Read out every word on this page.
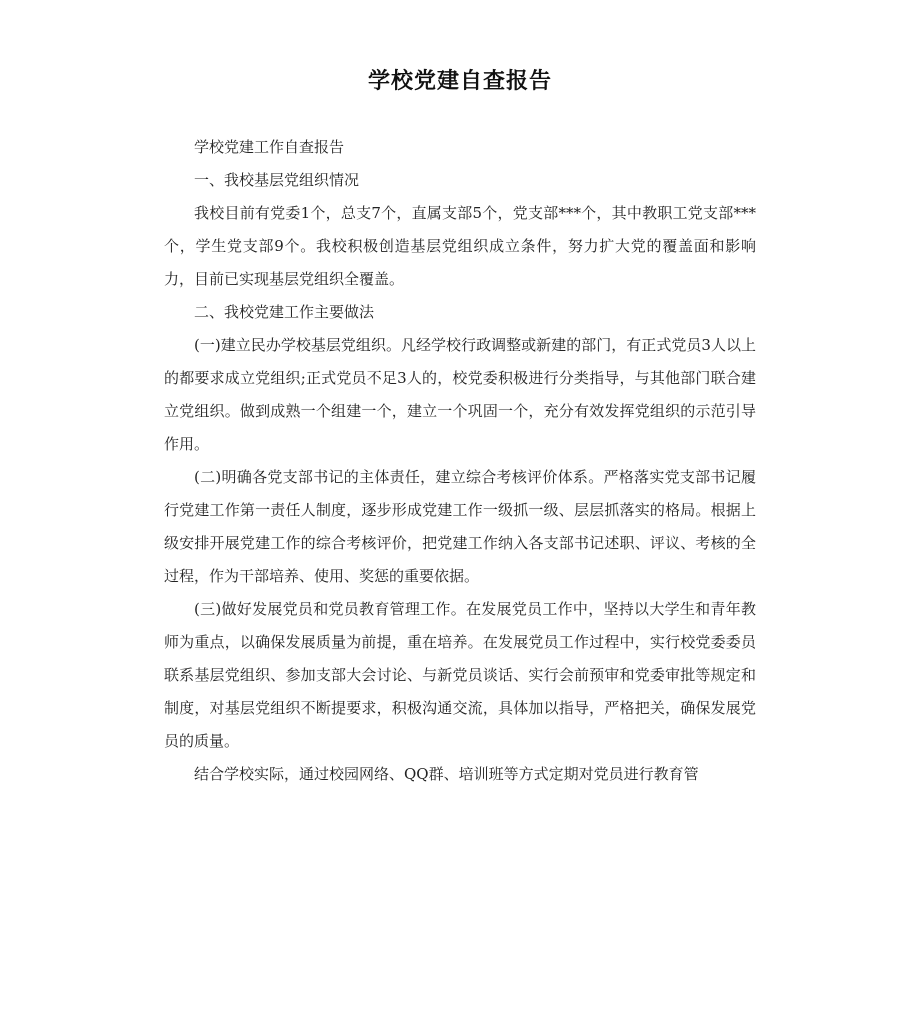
学校党建自查报告

学校党建工作自查报告

一、我校基层党组织情况

我校目前有党委1个，总支7个，直属支部5个，党支部***个，其中教职工党支部***个，学生党支部9个。我校积极创造基层党组织成立条件，努力扩大党的覆盖面和影响力，目前已实现基层党组织全覆盖。

二、我校党建工作主要做法

(一)建立民办学校基层党组织。凡经学校行政调整或新建的部门，有正式党员3人以上的都要求成立党组织;正式党员不足3人的，校党委积极进行分类指导，与其他部门联合建立党组织。做到成熟一个组建一个，建立一个巩固一个，充分有效发挥党组织的示范引导作用。

(二)明确各党支部书记的主体责任，建立综合考核评价体系。严格落实党支部书记履行党建工作第一责任人制度，逐步形成党建工作一级抓一级、层层抓落实的格局。根据上级安排开展党建工作的综合考核评价，把党建工作纳入各支部书记述职、评议、考核的全过程，作为干部培养、使用、奖惩的重要依据。

(三)做好发展党员和党员教育管理工作。在发展党员工作中，坚持以大学生和青年教师为重点，以确保发展质量为前提，重在培养。在发展党员工作过程中，实行校党委委员联系基层党组织、参加支部大会讨论、与新党员谈话、实行会前预审和党委审批等规定和制度，对基层党组织不断提要求，积极沟通交流，具体加以指导，严格把关，确保发展党员的质量。

结合学校实际，通过校园网络、QQ群、培训班等方式定期对党员进行教育管
